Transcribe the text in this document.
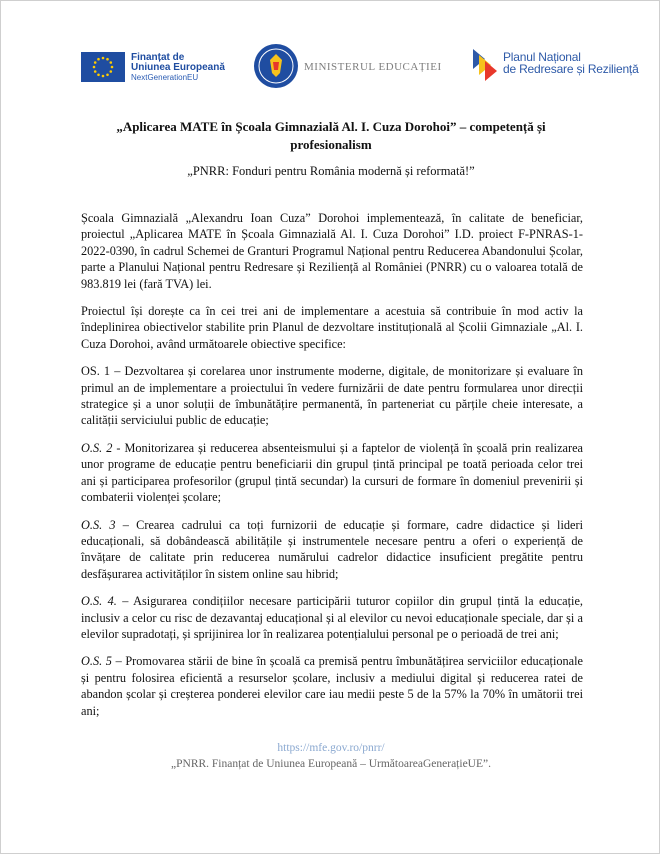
Finanțat de
Uniunea Europeană
NextGenerationEU
MINISTERUL EDUCAȚIEI
Planul Național
de Redresare și Reziliență
„Aplicarea MATE în Școala Gimnazială Al. I. Cuza Dorohoi” – competență și profesionalism
„PNRR: Fonduri pentru România modernă și reformată!”

Școala Gimnazială „Alexandru Ioan Cuza” Dorohoi implementează, în calitate de beneficiar, proiectul „Aplicarea MATE în Școala Gimnazială Al. I. Cuza Dorohoi” I.D. proiect F-PNRAS-1-2022-0390, în cadrul Schemei de Granturi Programul Național pentru Reducerea Abandonului Școlar, parte a Planului Național pentru Redresare și Reziliență al României (PNRR) cu o valoarea totală de 983.819 lei (fară TVA) lei.

Proiectul își dorește ca în cei trei ani de implementare a acestuia să contribuie în mod activ la îndeplinirea obiectivelor stabilite prin Planul de dezvoltare instituțională al Școlii Gimnaziale „Al. I. Cuza Dorohoi, având următoarele obiective specifice:

OS. 1 – Dezvoltarea și corelarea unor instrumente moderne, digitale, de monitorizare și evaluare în primul an de implementare a proiectului în vedere furnizării de date pentru formularea unor direcții strategice și a unor soluții de îmbunătățire permanentă, în parteneriat cu părțile cheie interesate, a calității serviciului public de educație;

O.S. 2 - Monitorizarea și reducerea absenteismului și a faptelor de violență în școală prin realizarea unor programe de educație pentru beneficiarii din grupul țintă principal pe toată perioada celor trei ani și participarea profesorilor (grupul țintă secundar) la cursuri de formare în domeniul prevenirii și combaterii violenței școlare;

O.S. 3 – Crearea cadrului ca toți furnizorii de educație și formare, cadre didactice și lideri educaționali, să dobândească abilitățile și instrumentele necesare pentru a oferi o experiență de învățare de calitate prin reducerea numărului cadrelor didactice insuficient pregătite pentru desfășurarea activităților în sistem online sau hibrid;

O.S. 4. – Asigurarea condițiilor necesare participării tuturor copiilor din grupul țintă la educație, inclusiv a celor cu risc de dezavantaj educațional și al elevilor cu nevoi educaționale speciale, dar și a elevilor supradotați, și sprijinirea lor în realizarea potențialului personal pe o perioadă de trei ani;

O.S. 5 – Promovarea stării de bine în școală ca premisă pentru îmbunătățirea serviciilor educaționale și pentru folosirea eficientă a resurselor școlare, inclusiv a mediului digital și reducerea ratei de abandon școlar și creșterea ponderei elevilor care iau medii peste 5 de la 57% la 70% în umătorii trei ani;

https://mfe.gov.ro/pnrr/
„PNRR. Finanțat de Uniunea Europeană – UrmătoareaGenerațieUE”.
